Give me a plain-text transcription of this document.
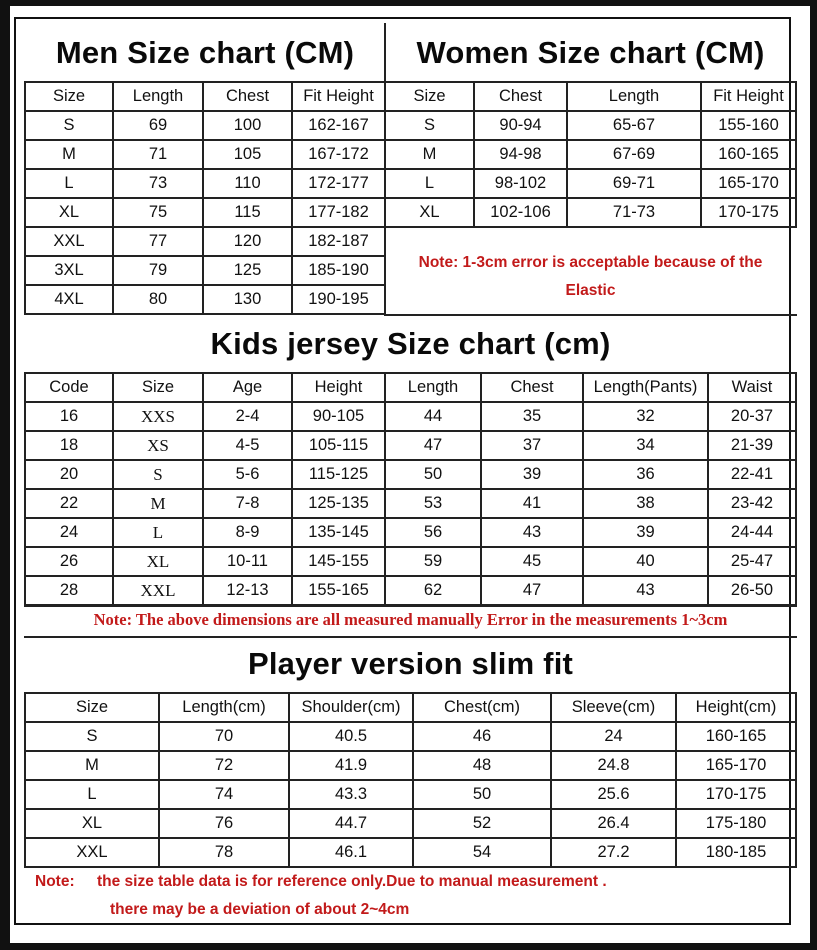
Size	Length	Chest	Fit Height
S	69	100	162-167
M	71	105	167-172
L	73	110	172-177
XL	75	115	177-182
XXL	77	120	182-187
3XL	79	125	185-190
4XL	80	130	190-195
Size	Chest	Length	Fit Height
S	90-94	65-67	155-160
M	94-98	67-69	160-165
L	98-102	69-71	165-170
XL	102-106	71-73	170-175
Code	Size	Age	Height	Length	Chest	Length(Pants)	Waist
16	XXS	2-4	90-105	44	35	32	20-37
18	XS	4-5	105-115	47	37	34	21-39
20	S	5-6	115-125	50	39	36	22-41
22	M	7-8	125-135	53	41	38	23-42
24	L	8-9	135-145	56	43	39	24-44
26	XL	10-11	145-155	59	45	40	25-47
28	XXL	12-13	155-165	62	47	43	26-50
Size	Length(cm)	Shoulder(cm)	Chest(cm)	Sleeve(cm)	Height(cm)
S	70	40.5	46	24	160-165
M	72	41.9	48	24.8	165-170
L	74	43.3	50	25.6	170-175
XL	76	44.7	52	26.4	175-180
XXL	78	46.1	54	27.2	180-185
Men Size chart (CM)	Women Size chart (CM)
Kids jersey Size chart (cm)
Player version slim fit
Note: 1-3cm error is acceptable because of the
Elastic
Note: The above dimensions are all measured manually Error in the measurements 1~3cm
Note: the size table data is for reference only.Due to manual measurement .
there may be a deviation of about 2~4cm
